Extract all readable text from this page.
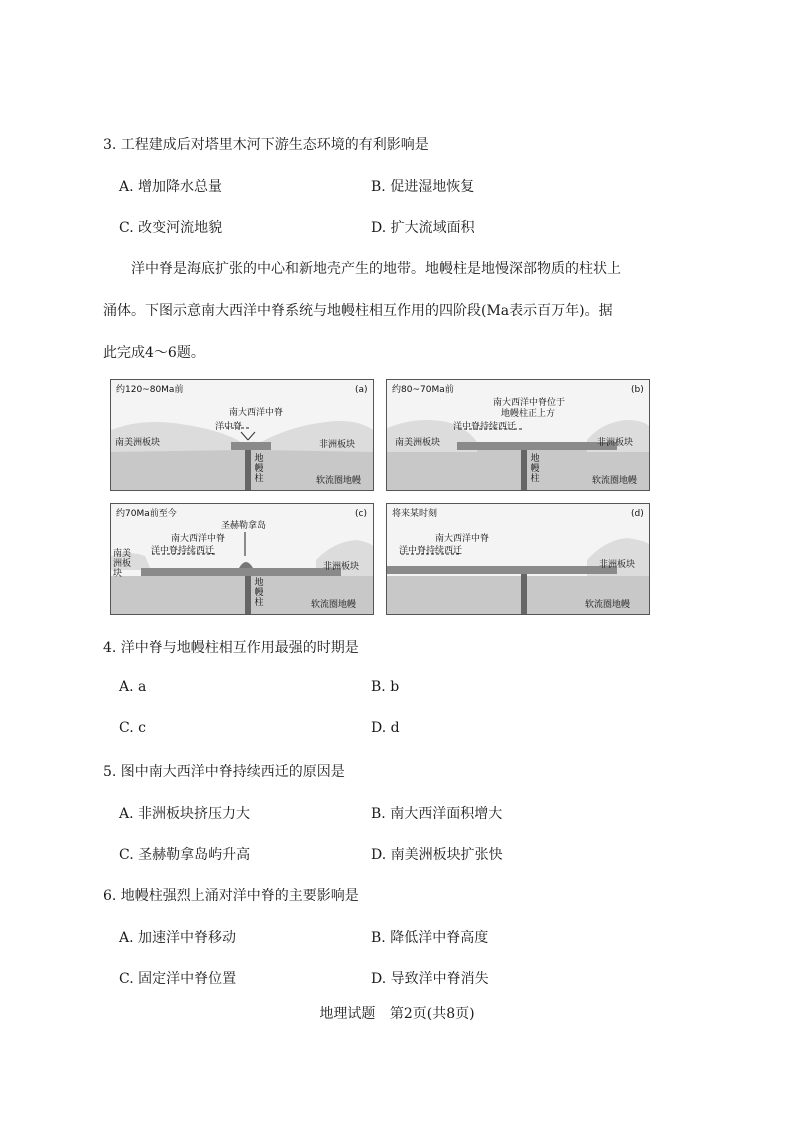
3. 工程建成后对塔里木河下游生态环境的有利影响是
A. 增加降水总量	B. 促进湿地恢复
C. 改变河流地貌	D. 扩大流域面积
洋中脊是海底扩张的中心和新地壳产生的地带。地幔柱是地慢深部物质的柱状上
涌体。下图示意南大西洋中脊系统与地幔柱相互作用的四阶段(Ma表示百万年)。据
此完成4～6题。
约120~80Ma前	(a)
南大西洋中脊
洋中脊
南美洲板块	非洲板块
地幔柱	软流圈地幔
约80~70Ma前	(b)
南大西洋中脊位于
地幔柱正上方
洋中脊持续西迁
南美洲板块	非洲板块
地幔柱	软流圈地幔
约70Ma前至今	(c)
圣赫勒拿岛
南大西洋中脊
洋中脊持续西迁
南美洲板块
非洲板块
地幔柱	软流圈地幔
将来某时刻	(d)
南大西洋中脊
洋中脊持续西迁
非洲板块
软流圈地幔
4. 洋中脊与地幔柱相互作用最强的时期是
A. a	B. b
C. c	D. d
5. 图中南大西洋中脊持续西迁的原因是
A. 非洲板块挤压力大	B. 南大西洋面积增大
C. 圣赫勒拿岛屿升高	D. 南美洲板块扩张快
6. 地幔柱强烈上涌对洋中脊的主要影响是
A. 加速洋中脊移动	B. 降低洋中脊高度
C. 固定洋中脊位置	D. 导致洋中脊消失
地理试题 第2页(共8页)
